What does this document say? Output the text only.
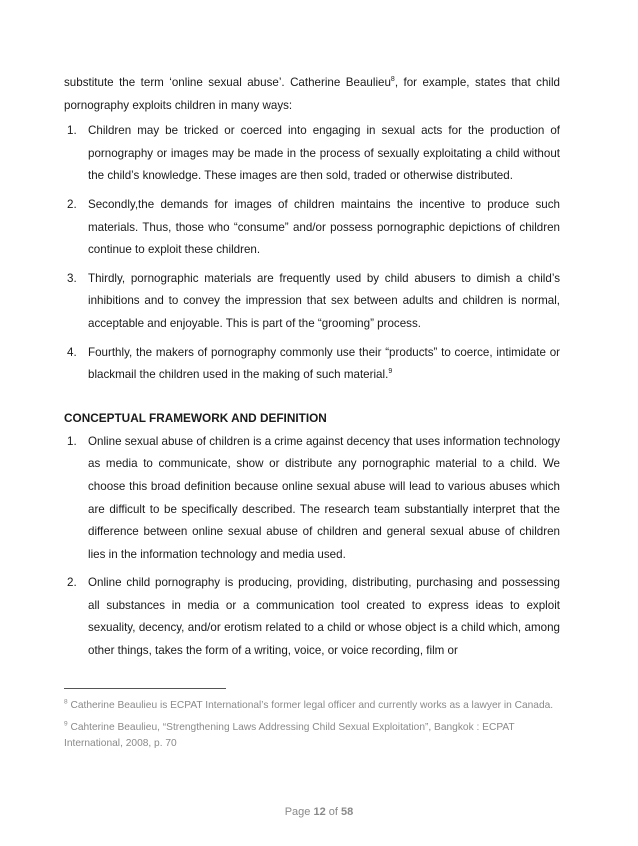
substitute the term ‘online sexual abuse’. Catherine Beaulieu$^8$, for example, states that child pornography exploits children in many ways:

1. Children may be tricked or coerced into engaging in sexual acts for the production of pornography or images may be made in the process of sexually exploitating a child without the child’s knowledge. These images are then sold, traded or otherwise distributed.

2. Secondly,the demands for images of children maintains the incentive to produce such materials. Thus, those who “consume” and/or possess pornographic depictions of children continue to exploit these children.

3. Thirdly, pornographic materials are frequently used by child abusers to dimish a child’s inhibitions and to convey the impression that sex between adults and children is normal, acceptable and enjoyable. This is part of the “grooming” process.

4. Fourthly, the makers of pornography commonly use their “products” to coerce, intimidate or blackmail the children used in the making of such material.$^9$

CONCEPTUAL FRAMEWORK AND DEFINITION

1. Online sexual abuse of children is a crime against decency that uses information technology as media to communicate, show or distribute any pornographic material to a child. We choose this broad definition because online sexual abuse will lead to various abuses which are difficult to be specifically described. The research team substantially interpret that the difference between online sexual abuse of children and general sexual abuse of children lies in the information technology and media used.

2. Online child pornography is producing, providing, distributing, purchasing and possessing all substances in media or a communication tool created to express ideas to exploit sexuality, decency, and/or erotism related to a child or whose object is a child which, among other things, takes the form of a writing, voice, or voice recording, film or

$^8$ Catherine Beaulieu is ECPAT International’s former legal officer and currently works as a lawyer in Canada.

$^9$ Cahterine Beaulieu, “Strengthening Laws Addressing Child Sexual Exploitation”, Bangkok : ECPAT International, 2008, p. 70

Page 12 of 58
